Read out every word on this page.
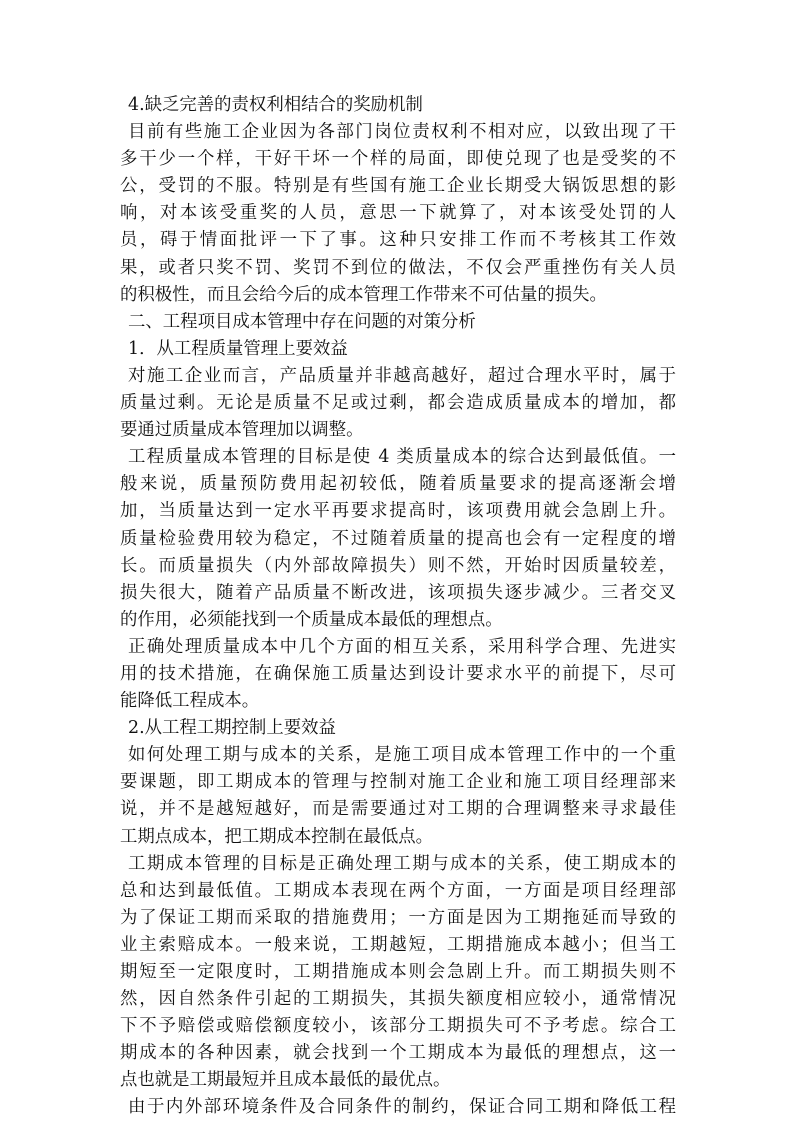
4.缺乏完善的责权利相结合的奖励机制

目前有些施工企业因为各部门岗位责权利不相对应，以致出现了干

多干少一个样，干好干坏一个样的局面，即使兑现了也是受奖的不

公，受罚的不服。特别是有些国有施工企业长期受大锅饭思想的影

响，对本该受重奖的人员，意思一下就算了，对本该受处罚的人

员，碍于情面批评一下了事。这种只安排工作而不考核其工作效

果，或者只奖不罚、奖罚不到位的做法，不仅会严重挫伤有关人员

的积极性，而且会给今后的成本管理工作带来不可估量的损失。

二、工程项目成本管理中存在问题的对策分析

1．从工程质量管理上要效益

对施工企业而言，产品质量并非越高越好，超过合理水平时，属于

质量过剩。无论是质量不足或过剩，都会造成质量成本的增加，都

要通过质量成本管理加以调整。

工程质量成本管理的目标是使 4 类质量成本的综合达到最低值。一

般来说，质量预防费用起初较低，随着质量要求的提高逐渐会增

加，当质量达到一定水平再要求提高时，该项费用就会急剧上升。

质量检验费用较为稳定，不过随着质量的提高也会有一定程度的增

长。而质量损失（内外部故障损失）则不然，开始时因质量较差，

损失很大，随着产品质量不断改进，该项损失逐步减少。三者交叉

的作用，必须能找到一个质量成本最低的理想点。

正确处理质量成本中几个方面的相互关系，采用科学合理、先进实

用的技术措施，在确保施工质量达到设计要求水平的前提下，尽可

能降低工程成本。

2.从工程工期控制上要效益

如何处理工期与成本的关系，是施工项目成本管理工作中的一个重

要课题，即工期成本的管理与控制对施工企业和施工项目经理部来

说，并不是越短越好，而是需要通过对工期的合理调整来寻求最佳

工期点成本，把工期成本控制在最低点。

工期成本管理的目标是正确处理工期与成本的关系，使工期成本的

总和达到最低值。工期成本表现在两个方面，一方面是项目经理部

为了保证工期而采取的措施费用；一方面是因为工期拖延而导致的

业主索赔成本。一般来说，工期越短，工期措施成本越小；但当工

期短至一定限度时，工期措施成本则会急剧上升。而工期损失则不

然，因自然条件引起的工期损失，其损失额度相应较小，通常情况

下不予赔偿或赔偿额度较小，该部分工期损失可不予考虑。综合工

期成本的各种因素，就会找到一个工期成本为最低的理想点，这一

点也就是工期最短并且成本最低的最优点。

由于内外部环境条件及合同条件的制约，保证合同工期和降低工程
